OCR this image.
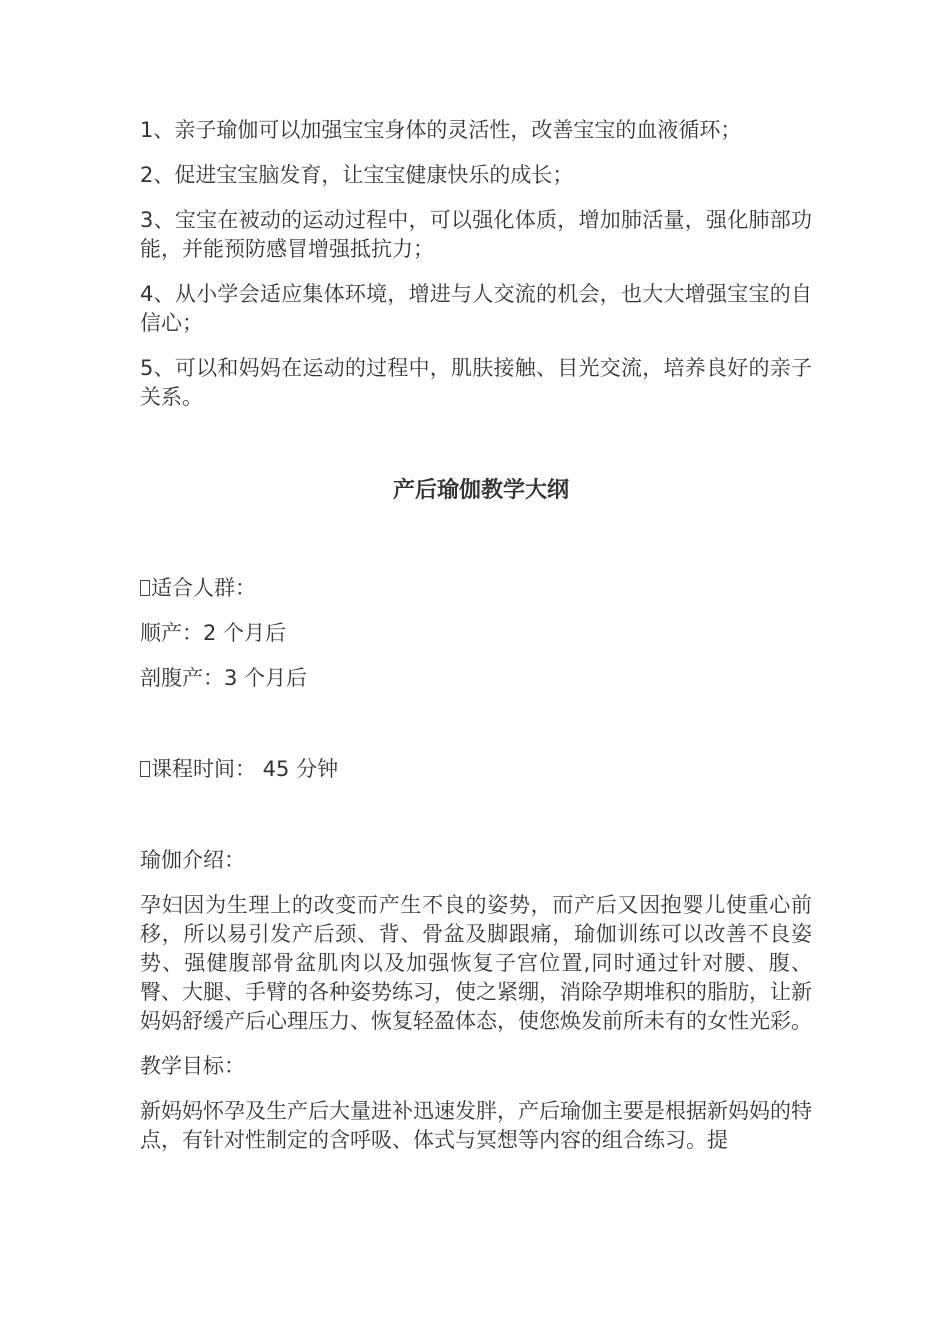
1、亲子瑜伽可以加强宝宝身体的灵活性，改善宝宝的血液循环；

2、促进宝宝脑发育，让宝宝健康快乐的成长；

3、宝宝在被动的运动过程中，可以强化体质，增加肺活量，强化肺部功能，并能预防感冒增强抵抗力；

4、从小学会适应集体环境，增进与人交流的机会，也大大增强宝宝的自信心；

5、可以和妈妈在运动的过程中，肌肤接触、目光交流，培养良好的亲子关系。

产后瑜伽教学大纲

适合人群：

顺产：2 个月后

剖腹产：3 个月后

课程时间： 45 分钟

瑜伽介绍：

孕妇因为生理上的改变而产生不良的姿势，而产后又因抱婴儿使重心前移，所以易引发产后颈、背、骨盆及脚跟痛，瑜伽训练可以改善不良姿势、强健腹部骨盆肌肉以及加强恢复子宫位置,同时通过针对腰、腹、臀、大腿、手臂的各种姿势练习，使之紧绷，消除孕期堆积的脂肪，让新妈妈舒缓产后心理压力、恢复轻盈体态，使您焕发前所未有的女性光彩。

教学目标：

新妈妈怀孕及生产后大量进补迅速发胖，产后瑜伽主要是根据新妈妈的特点，有针对性制定的含呼吸、体式与冥想等内容的组合练习。提
